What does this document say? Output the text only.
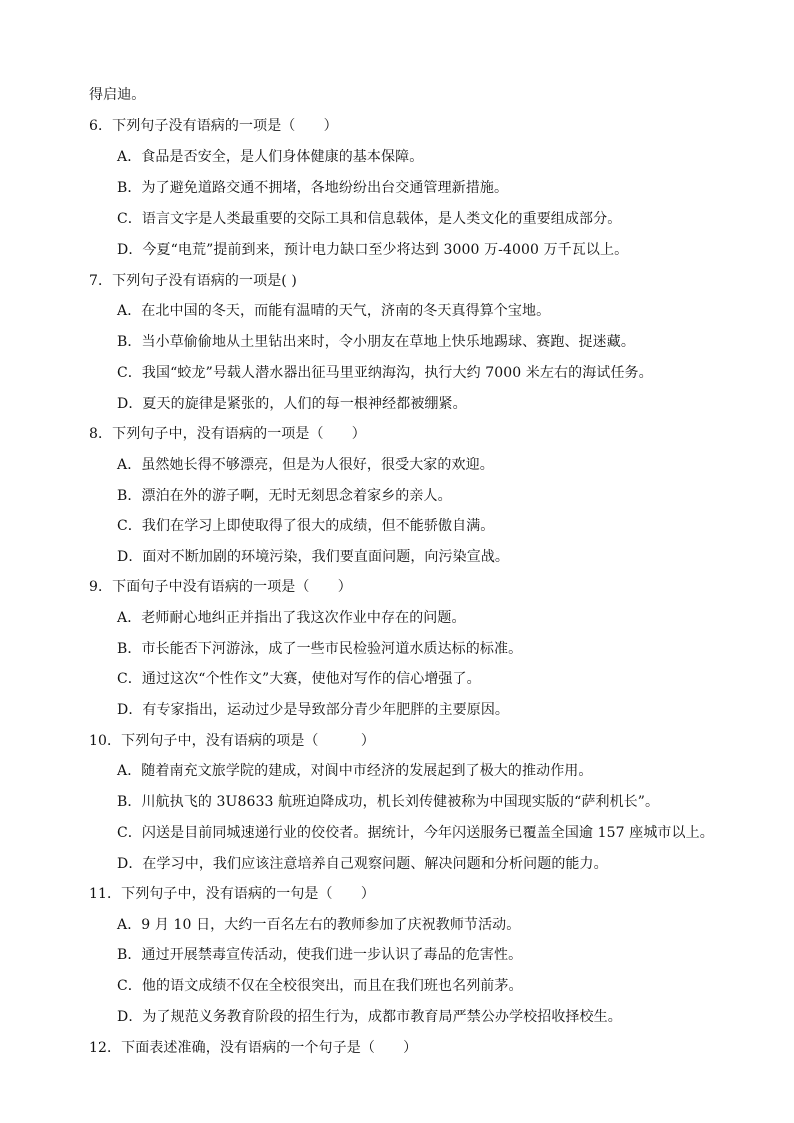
得启迪。
6．下列句子没有语病的一项是（　　）
A．食品是否安全，是人们身体健康的基本保障。
B．为了避免道路交通不拥堵，各地纷纷出台交通管理新措施。
C．语言文字是人类最重要的交际工具和信息载体，是人类文化的重要组成部分。
D．今夏“电荒”提前到来，预计电力缺口至少将达到 3000 万-4000 万千瓦以上。
7．下列句子没有语病的一项是( )
A．在北中国的冬天，而能有温晴的天气，济南的冬天真得算个宝地。
B．当小草偷偷地从土里钻出来时，令小朋友在草地上快乐地踢球、赛跑、捉迷藏。
C．我国“蛟龙”号载人潜水器出征马里亚纳海沟，执行大约 7000 米左右的海试任务。
D．夏天的旋律是紧张的，人们的每一根神经都被绷紧。
8．下列句子中，没有语病的一项是（　　）
A．虽然她长得不够漂亮，但是为人很好，很受大家的欢迎。
B．漂泊在外的游子啊，无时无刻思念着家乡的亲人。
C．我们在学习上即使取得了很大的成绩，但不能骄傲自满。
D．面对不断加剧的环境污染，我们要直面问题，向污染宣战。
9．下面句子中没有语病的一项是（　　）
A．老师耐心地纠正并指出了我这次作业中存在的问题。
B．市长能否下河游泳，成了一些市民检验河道水质达标的标准。
C．通过这次“个性作文”大赛，使他对写作的信心增强了。
D．有专家指出，运动过少是导致部分青少年肥胖的主要原因。
10．下列句子中，没有语病的项是（　　　）
A．随着南充文旅学院的建成，对阆中市经济的发展起到了极大的推动作用。
B．川航执飞的 3U8633 航班迫降成功，机长刘传健被称为中国现实版的“萨利机长”。
C．闪送是目前同城速递行业的佼佼者。据统计，今年闪送服务已覆盖全国逾 157 座城市以上。
D．在学习中，我们应该注意培养自己观察问题、解决问题和分析问题的能力。
11．下列句子中，没有语病的一句是（　　）
A．9 月 10 日，大约一百名左右的教师参加了庆祝教师节活动。
B．通过开展禁毒宣传活动，使我们进一步认识了毒品的危害性。
C．他的语文成绩不仅在全校很突出，而且在我们班也名列前茅。
D．为了规范义务教育阶段的招生行为，成都市教育局严禁公办学校招收择校生。
12．下面表述准确，没有语病的一个句子是（　　）
